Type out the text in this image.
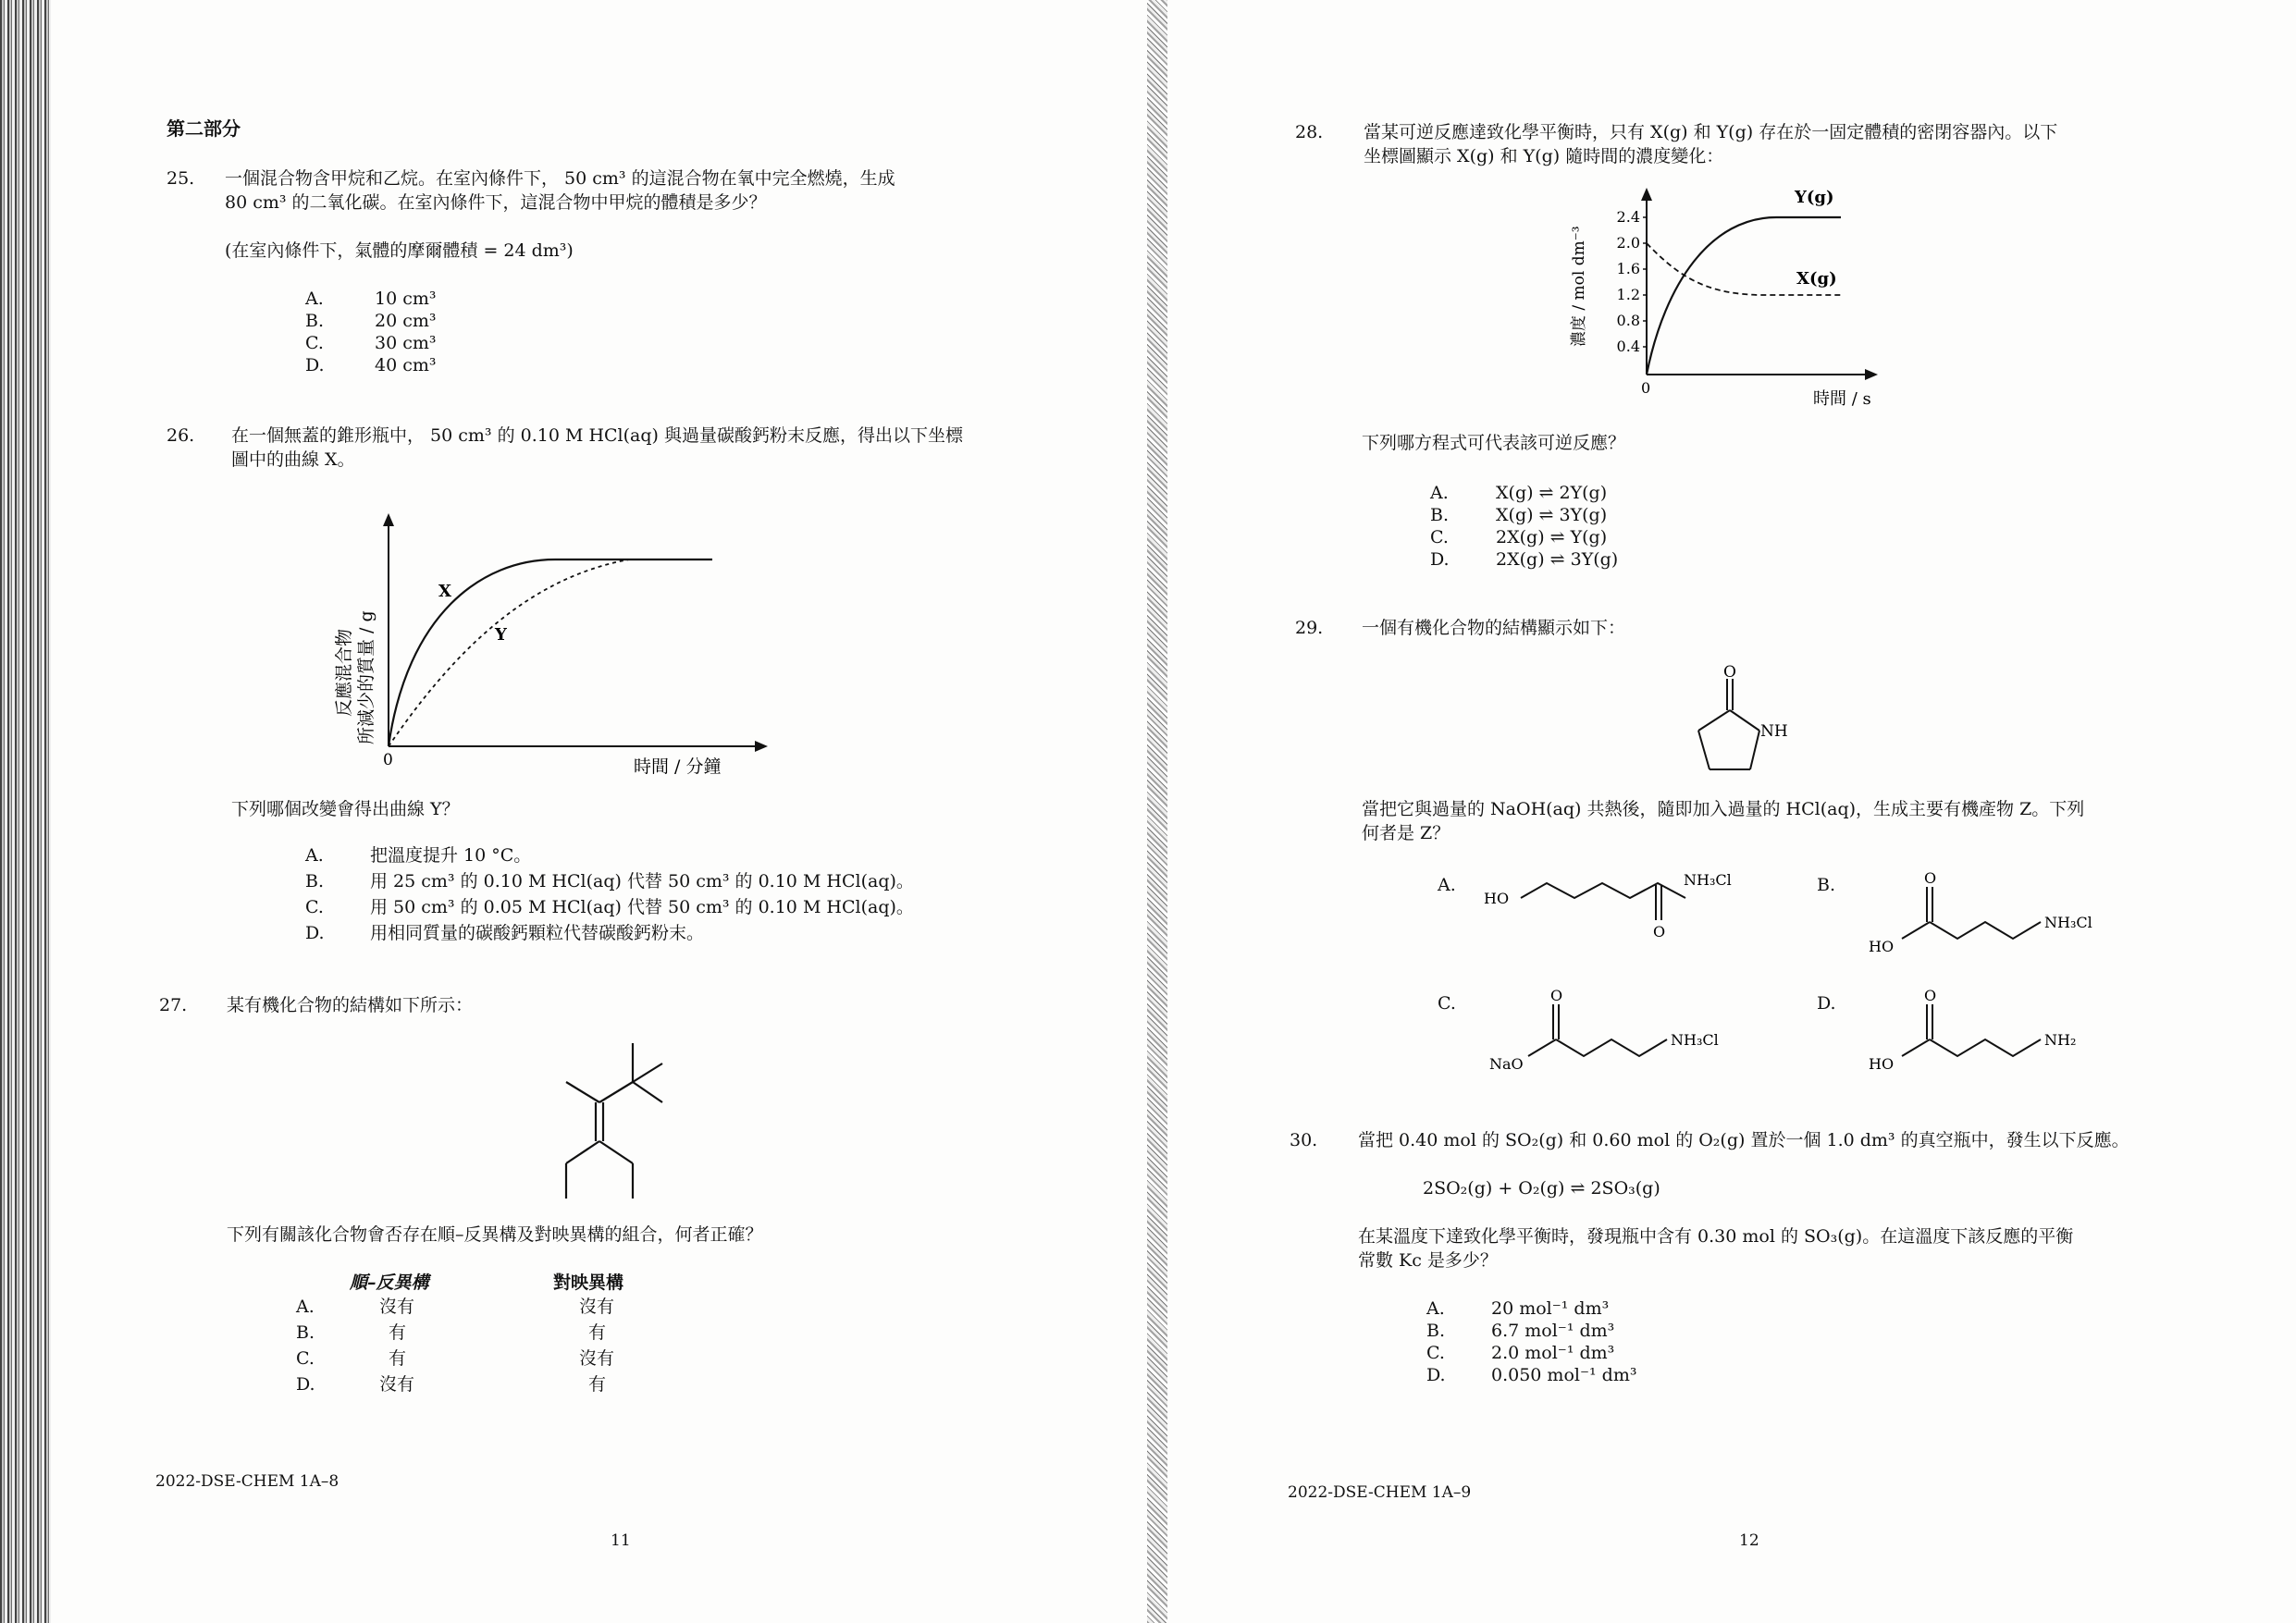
第二部分
25. 一個混合物含甲烷和乙烷。在室內條件下， 50 cm³ 的這混合物在氧中完全燃燒，生成
80 cm³ 的二氧化碳。在室內條件下，這混合物中甲烷的體積是多少？
(在室內條件下，氣體的摩爾體積 = 24 dm³)
A.	10 cm³
B.	20 cm³
C.	30 cm³
D.	40 cm³
26. 在一個無蓋的錐形瓶中， 50 cm³ 的 0.10 M HCl(aq) 與過量碳酸鈣粉末反應，得出以下坐標
圖中的曲線 X。
X
Y
0	時間 / 分鐘
反應混合物 所減少的質量 / g
下列哪個改變會得出曲線 Y？
A.	把溫度提升 10 °C。
B.	用 25 cm³ 的 0.10 M HCl(aq) 代替 50 cm³ 的 0.10 M HCl(aq)。
C.	用 50 cm³ 的 0.05 M HCl(aq) 代替 50 cm³ 的 0.10 M HCl(aq)。
D.	用相同質量的碳酸鈣顆粒代替碳酸鈣粉末。
27. 某有機化合物的結構如下所示：
下列有關該化合物會否存在順–反異構及對映異構的組合，何者正確？
順–反異構	對映異構
A.	沒有	沒有
B.	有	有
C.	有	沒有
D.	沒有	有
2022-DSE-CHEM 1A–8
11
28. 當某可逆反應達致化學平衡時，只有 X(g) 和 Y(g) 存在於一固定體積的密閉容器內。以下
坐標圖顯示 X(g) 和 Y(g) 隨時間的濃度變化：
2.4
2.0
1.6
1.2
0.8
0.4
Y(g)
X(g)
0
時間 / s
濃度 / mol dm⁻³
下列哪方程式可代表該可逆反應？
A.	X(g) ⇌ 2Y(g)
B.	X(g) ⇌ 3Y(g)
C.	2X(g) ⇌ Y(g)
D.	2X(g) ⇌ 3Y(g)
29. 一個有機化合物的結構顯示如下：
O
NH
當把它與過量的 NaOH(aq) 共熱後，隨即加入過量的 HCl(aq)，生成主要有機產物 Z。下列
何者是 Z？
A.
HO
NH₃Cl
O
B.	O
HO
NH₃Cl
C.	O
NaO
NH₃Cl
D.	O
HO
NH₂
30. 當把 0.40 mol 的 SO₂(g) 和 0.60 mol 的 O₂(g) 置於一個 1.0 dm³ 的真空瓶中，發生以下反應。
2SO₂(g) + O₂(g) ⇌ 2SO₃(g)
在某溫度下達致化學平衡時，發現瓶中含有 0.30 mol 的 SO₃(g)。在這溫度下該反應的平衡
常數 Kc 是多少？
A.	20 mol⁻¹ dm³
B.	6.7 mol⁻¹ dm³
C.	2.0 mol⁻¹ dm³
D.	0.050 mol⁻¹ dm³
2022-DSE-CHEM 1A–9
12
